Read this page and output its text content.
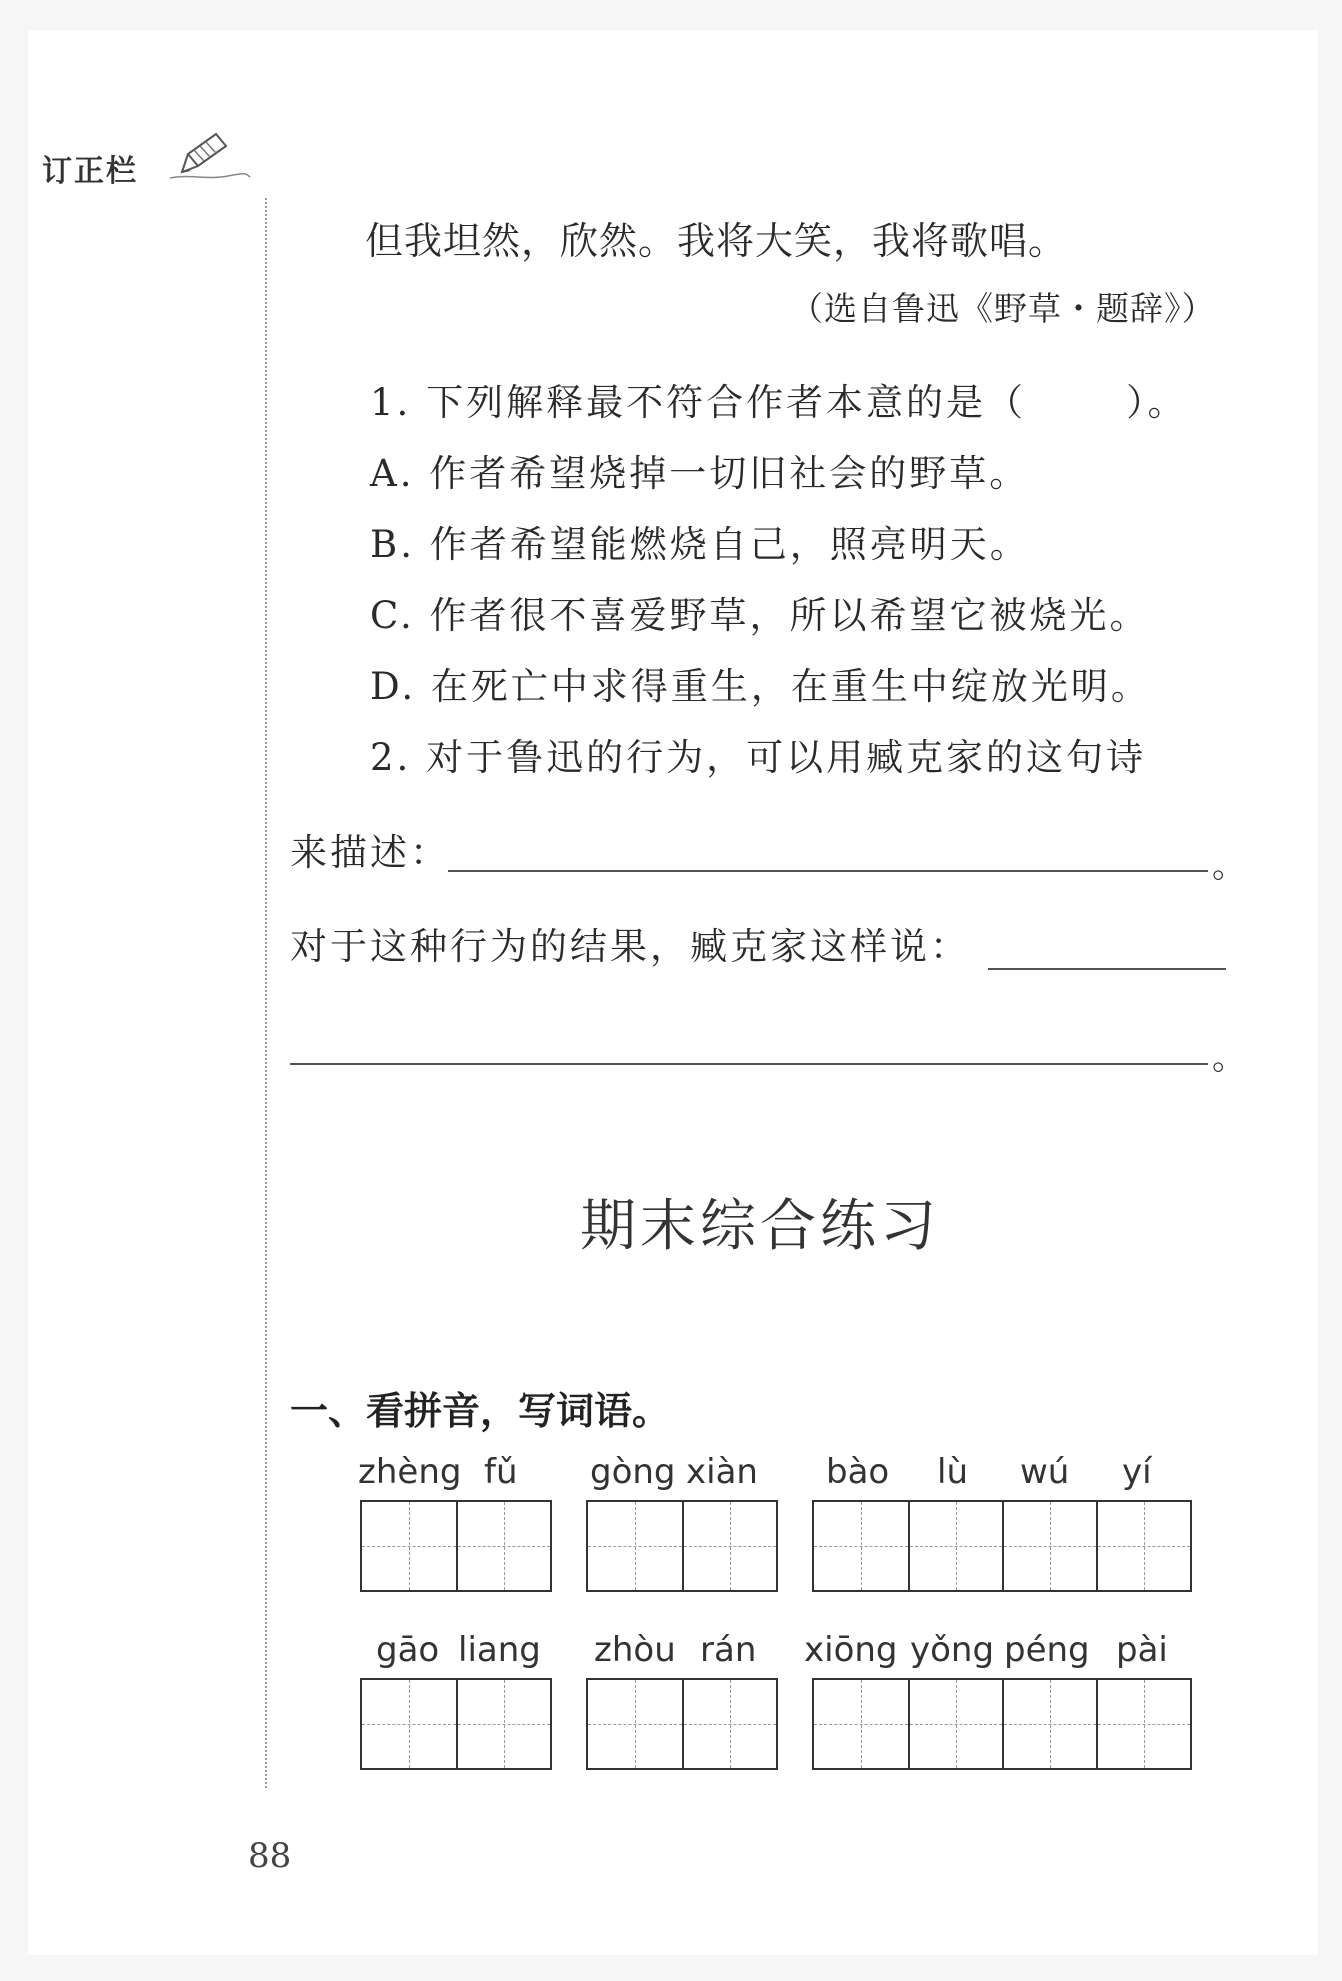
订正栏
但我坦然，欣然。我将大笑，我将歌唱。
（选自鲁迅《野草・题辞》）
1. 下列解释最不符合作者本意的是（	）。
A. 作者希望烧掉一切旧社会的野草。
B. 作者希望能燃烧自己，照亮明天。
C. 作者很不喜爱野草，所以希望它被烧光。
D. 在死亡中求得重生，在重生中绽放光明。
2. 对于鲁迅的行为，可以用臧克家的这句诗
来描述：	。
对于这种行为的结果，臧克家这样说：
。
期末综合练习
一、看拼音，写词语。
zhèng fǔ gòng xiàn bào lù wú yí
gāo liang zhòu rán xiōng yǒng péng pài
88
